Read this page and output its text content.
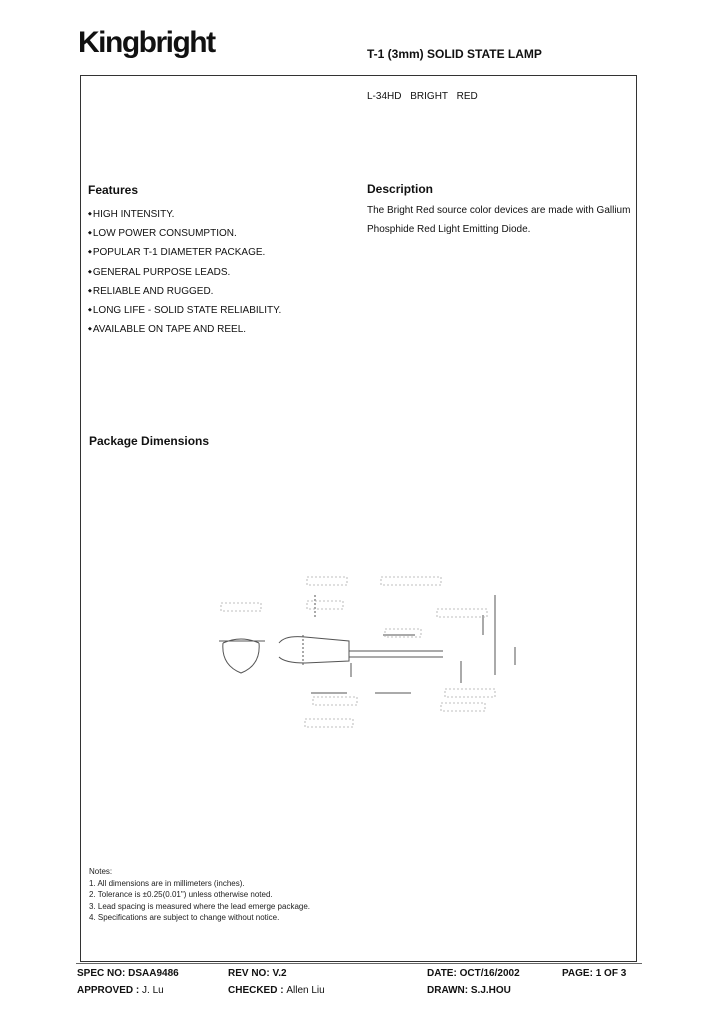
Kingbright	T-1 (3mm) SOLID STATE LAMP
L-34HD BRIGHT RED
Features
◆ HIGH INTENSITY.
◆ LOW POWER CONSUMPTION.
◆ POPULAR T-1 DIAMETER PACKAGE.
◆ GENERAL PURPOSE LEADS.
◆ RELIABLE AND RUGGED.
◆ LONG LIFE - SOLID STATE RELIABILITY.
◆ AVAILABLE ON TAPE AND REEL.
Description
The Bright Red source color devices are made with Gallium Phosphide Red Light Emitting Diode.
Package Dimensions
Notes:
1. All dimensions are in millimeters (inches).
2. Tolerance is ±0.25(0.01") unless otherwise noted.
3. Lead spacing is measured where the lead emerge package.
4. Specifications are subject to change without notice.
SPEC NO: DSAA9486	REV NO: V.2	DATE: OCT/16/2002	PAGE: 1 OF 3
APPROVED : J. Lu	CHECKED : Allen Liu	DRAWN: S.J.HOU
